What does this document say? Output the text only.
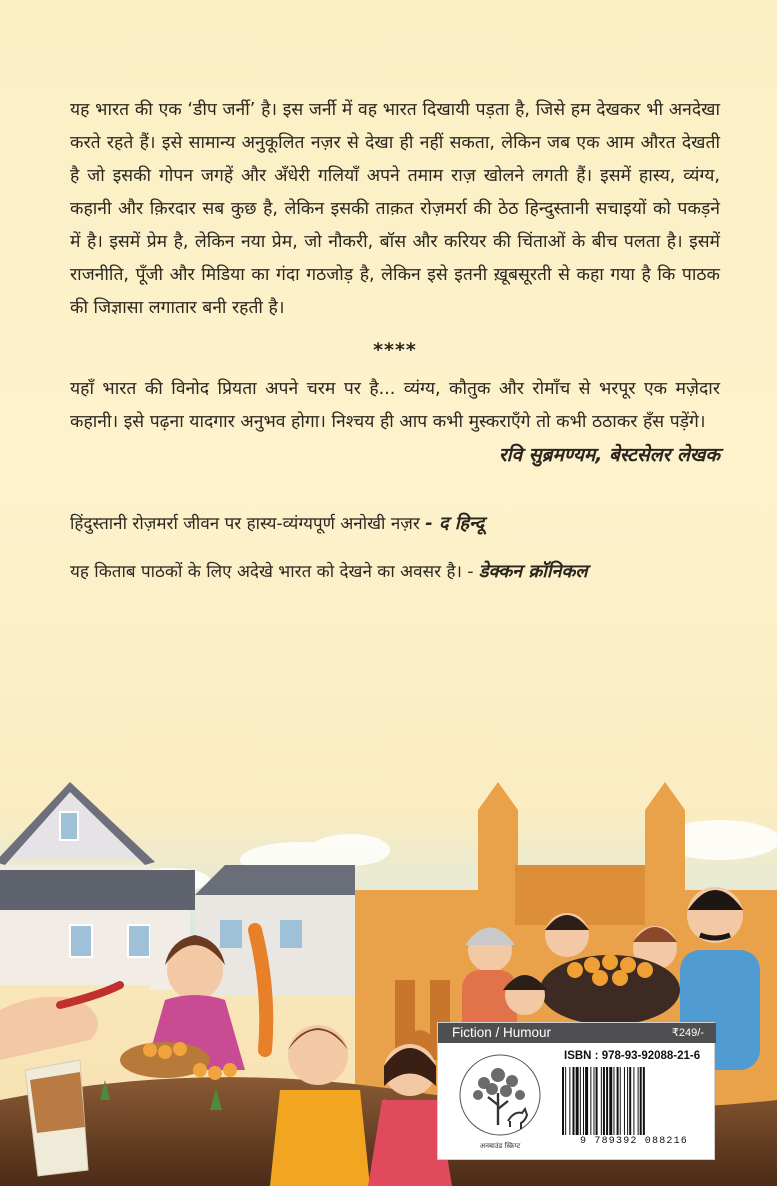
यह भारत की एक ‘डीप जर्नी’ है। इस जर्नी में वह भारत दिखायी पड़ता है, जिसे हम देखकर भी अनदेखा करते रहते हैं। इसे सामान्य अनुकूलित नज़र से देखा ही नहीं सकता, लेकिन जब एक आम औरत देखती है जो इसकी गोपन जगहें और अँधेरी गलियाँ अपने तमाम राज़ खोलने लगती हैं। इसमें हास्य, व्यंग्य, कहानी और क़िरदार सब कुछ है, लेकिन इसकी ताक़त रोज़मर्रा की ठेठ हिन्दुस्तानी सचाइयों को पकड़ने में है। इसमें प्रेम है, लेकिन नया प्रेम, जो नौकरी, बॉस और करियर की चिंताओं के बीच पलता है। इसमें राजनीति, पूँजी और मिडिया का गंदा गठजोड़ है, लेकिन इसे इतनी ख़ूबसूरती से कहा गया है कि पाठक की जिज्ञासा लगातार बनी रहती है।

****

यहाँ भारत की विनोद प्रियता अपने चरम पर है... व्यंग्य, कौतुक और रोमाँच से भरपूर एक मज़ेदार कहानी। इसे पढ़ना यादगार अनुभव होगा। निश्चय ही आप कभी मुस्कराएँगे तो कभी ठठाकर हँस पड़ेंगे।

रवि सुब्रमण्यम, बेस्टसेलर लेखक

हिंदुस्तानी रोज़मर्रा जीवन पर हास्य-व्यंग्यपूर्ण अनोखी नज़र - द हिन्दू

यह किताब पाठकों के लिए अदेखे भारत को देखने का अवसर है। - डेक्कन क्रॉनिकल

Fiction / Humour	₹249/-
ISBN : 978-93-92088-21-6
अनबाउंड स्क्रिप्ट	9 789392 088216
